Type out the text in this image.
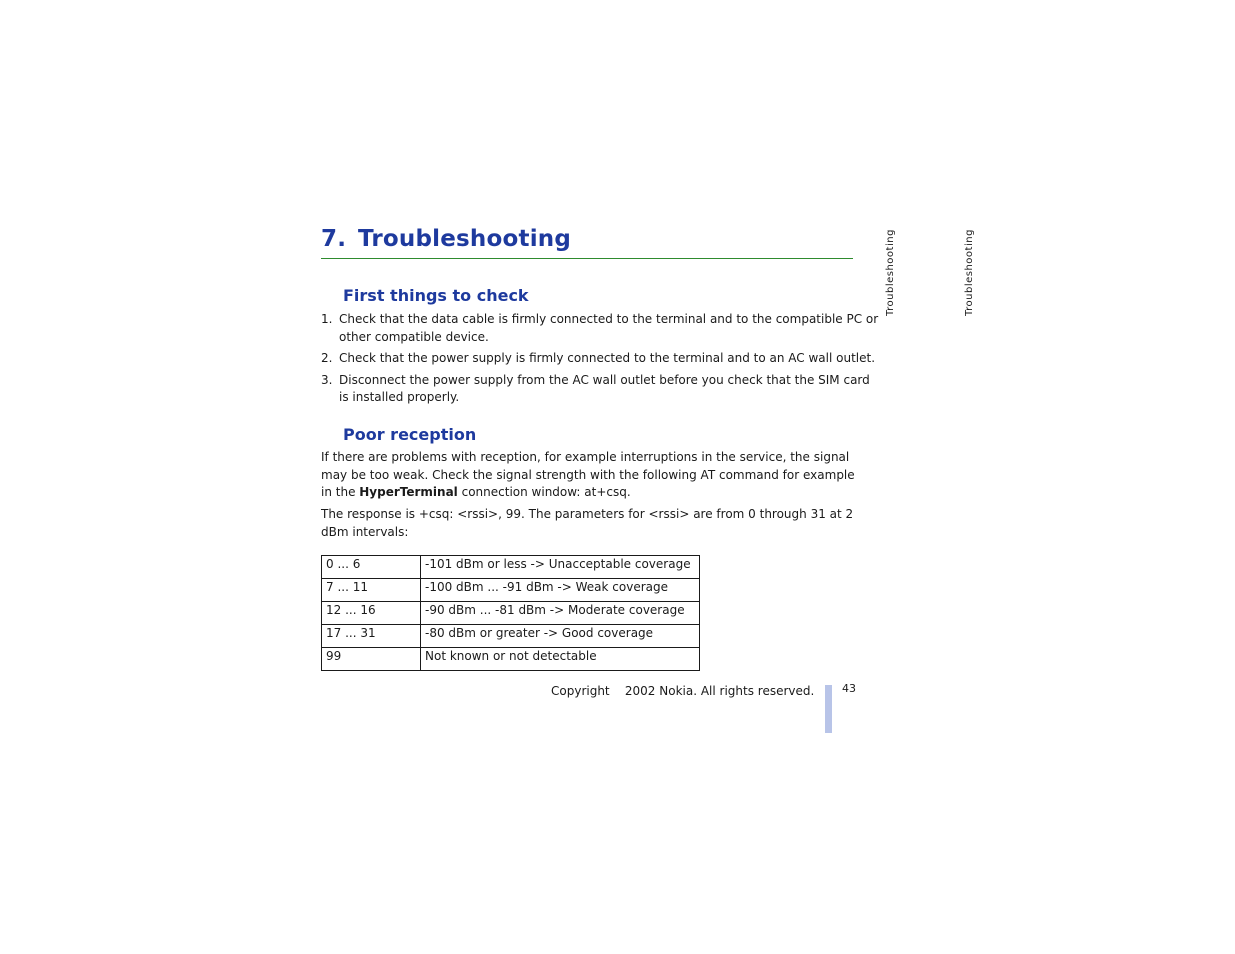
7. Troubleshooting	Troubleshooting	Troubleshooting
First things to check
1. Check that the data cable is firmly connected to the terminal and to the compatible PC or other compatible device.
2. Check that the power supply is firmly connected to the terminal and to an AC wall outlet.
3. Disconnect the power supply from the AC wall outlet before you check that the SIM card is installed properly.
Poor reception
If there are problems with reception, for example interruptions in the service, the signal may be too weak. Check the signal strength with the following AT command for example in the HyperTerminal connection window: at+csq.
The response is +csq: <rssi>, 99. The parameters for <rssi> are from 0 through 31 at 2 dBm intervals:
0 ... 6	-101 dBm or less -> Unacceptable coverage
7 ... 11	-100 dBm ... -91 dBm -> Weak coverage
12 ... 16	-90 dBm ... -81 dBm -> Moderate coverage
17 ... 31	-80 dBm or greater -> Good coverage
99	Not known or not detectable
Copyright    2002 Nokia. All rights reserved.	43
